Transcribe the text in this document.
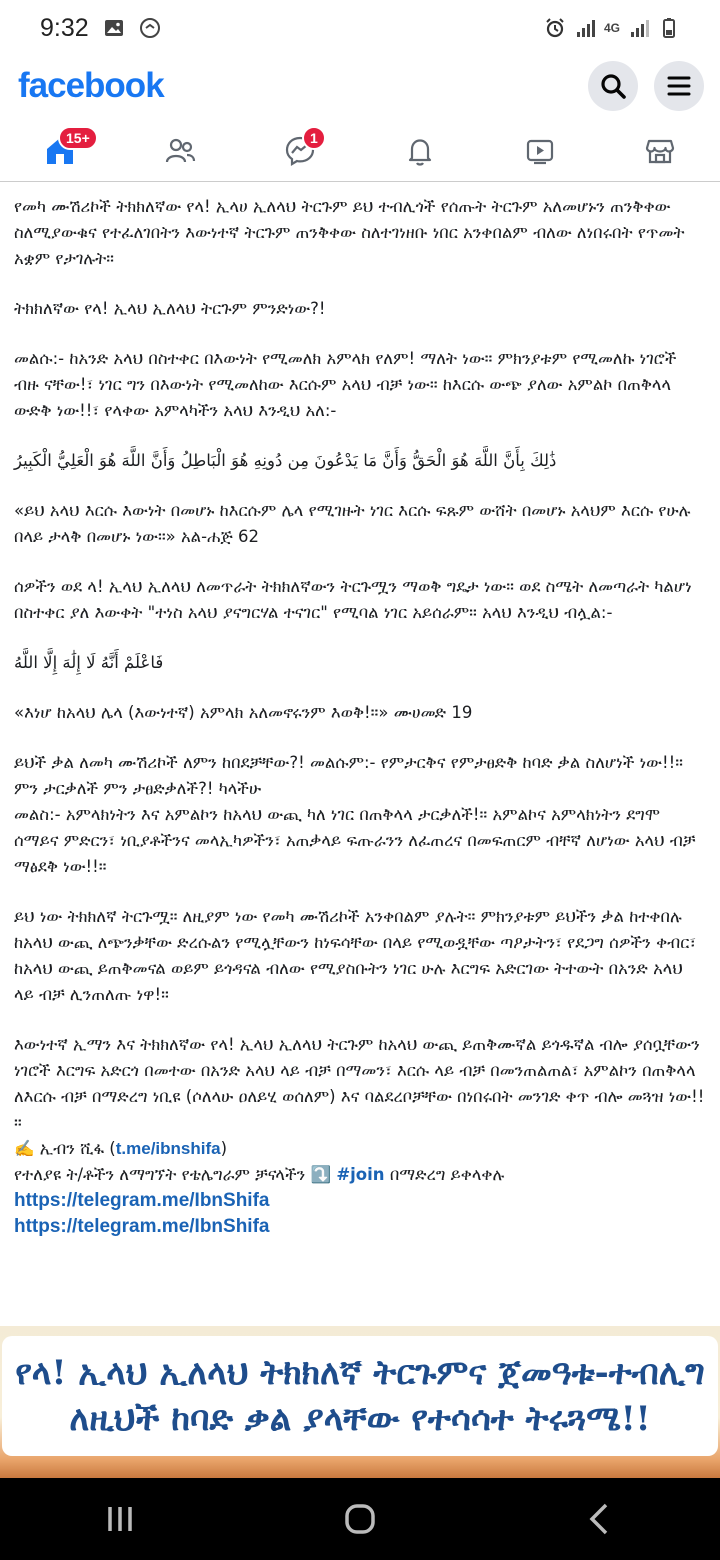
9:32	4G
facebook
15+	1

የመካ ሙሽሪኮች ትክክለኛው የላ! ኢላሀ ኢለላህ ትርጉም ይህ ተብሊጎች የሰጡት ትርጉም አለመሆኑን ጠንቅቀው ስለሚያውቁና የተፈለገበትን እውነተኛ ትርጉም ጠንቅቀው ስለተገነዘቡ ነበር አንቀበልም ብለው ለነበሩበት የጥመት አቋም የታገሉት።

ትክክለኛው የላ! ኢላህ ኢለላህ ትርጉም ምንድነው?!

መልሱ:- ከአንድ አላህ በስተቀር በእውነት የሚመለክ አምላክ የለም! ማለት ነው። ምክንያቱም የሚመለኩ ነገሮች ብዙ ናቸው!፣ ነገር ግን በእውነት የሚመለከው እርሱም አላህ ብቻ ነው። ከእርሱ ውጭ ያለው አምልኮ በጠቅላላ ውድቅ ነው!!፣ የላቀው አምላካችን አላህ እንዲህ አለ:-

ذَٰلِكَ بِأَنَّ اللَّهَ هُوَ الْحَقُّ وَأَنَّ مَا يَدْعُونَ مِن دُونِهِ هُوَ الْبَاطِلُ وَأَنَّ اللَّهَ هُوَ الْعَلِيُّ الْكَبِيرُ

«ይህ አላህ እርሱ እውነት በመሆኑ ከእርሱም ሌላ የሚገዙት ነገር እርሱ ፍጹም ውሸት በመሆኑ አላህም እርሱ የሁሉ በላይ ታላቅ በመሆኑ ነው።» አል-ሐጅ 62

ሰዎችን ወደ ላ! ኢላህ ኢለላህ ለመጥራት ትክክለኛውን ትርጉሟን ማወቅ ግዴታ ነው። ወደ ስሜት ለመጣራት ካልሆነ በስተቀር ያለ እውቀት "ተነስ አላህ ያናግርሃል ተናገር" የሚባል ነገር አይሰራም። አላህ እንዲህ ብሏል:-

فَاعْلَمْ أَنَّهُ لَا إِلَٰهَ إِلَّا اللَّهُ

«እነሆ ከአላህ ሌላ (እውነተኛ) አምላክ አለመኖሩንም እወቅ!።» ሙሀመድ 19

ይህች ቃል ለመካ ሙሽሪኮች ለምን ከበደቻቸው?! መልሱም:- የምታርቅና የምታፀድቅ ከባድ ቃል ስለሆነች ነው!!።
ምን ታርቃለች ምን ታፀድቃለች?! ካላችሁ
መልስ:- አምላክነትን እና አምልኮን ከአላህ ውጪ ካለ ነገር በጠቅላላ ታርቃለች!። አምልኮና አምላክነትን ደግሞ ሰማይና ምድርን፣ ነቢያቶችንና መላኢካዎችን፣ አጠቃላይ ፍጡራንን ለፈጠረና በመፍጠርም ብቸኛ ለሆነው አላህ ብቻ ማፅደቅ ነው!!።

ይህ ነው ትክክለኛ ትርጉሟ። ለዚያም ነው የመካ ሙሽሪኮች አንቀበልም ያሉት። ምክንያቱም ይህችን ቃል ከተቀበሉ ከአላህ ውጪ ለጭንቃቸው ድረሱልን የሚሏቸውን ከነፍሳቸው በላይ የሚወዷቸው ጣዖታትን፣ የደጋግ ሰዎችን ቀብር፣ ከአላህ ውጪ ይጠቅመናል ወይም ይጎዳናል ብለው የሚያስቡትን ነገር ሁሉ እርግፍ አድርገው ትተውት በአንድ አላህ ላይ ብቻ ሊንጠለጡ ነዋ!።

እውነተኛ ኢማን እና ትክክለኛው የላ! ኢላህ ኢለላህ ትርጉም ከአላህ ውጪ ይጠቅሙኛል ይጎዱኛል ብሎ ያሰቧቸውን ነገሮች እርግፍ አድርጎ በመተው በአንድ አላህ ላይ ብቻ በማመን፣ እርሱ ላይ ብቻ በመንጠልጠል፣ አምልኮን በጠቅላላ ለእርሱ ብቻ በማድረግ ነቢዩ (ሶለላሁ ዐለይሂ ወሰለም) እና ባልደረቦቻቸው በነበሩበት መንገድ ቀጥ ብሎ መጓዝ ነው!!።

✍️ ኢብን ሺፋ (t.me/ibnshifa)
የተለያዩ ት/ቶችን ለማግኘት የቴሌግራም ቻናላችን ⤵️ #join በማድረግ ይቀላቀሉ
https://telegram.me/IbnShifa
https://telegram.me/IbnShifa
የላ! ኢላህ ኢለላህ ትክክለኛ ትርጉምና ጀመዓቱ-ተብሊግ
ለዚህች ከባድ ቃል ያላቸው የተሳሳተ ትሩጓሜ!!
